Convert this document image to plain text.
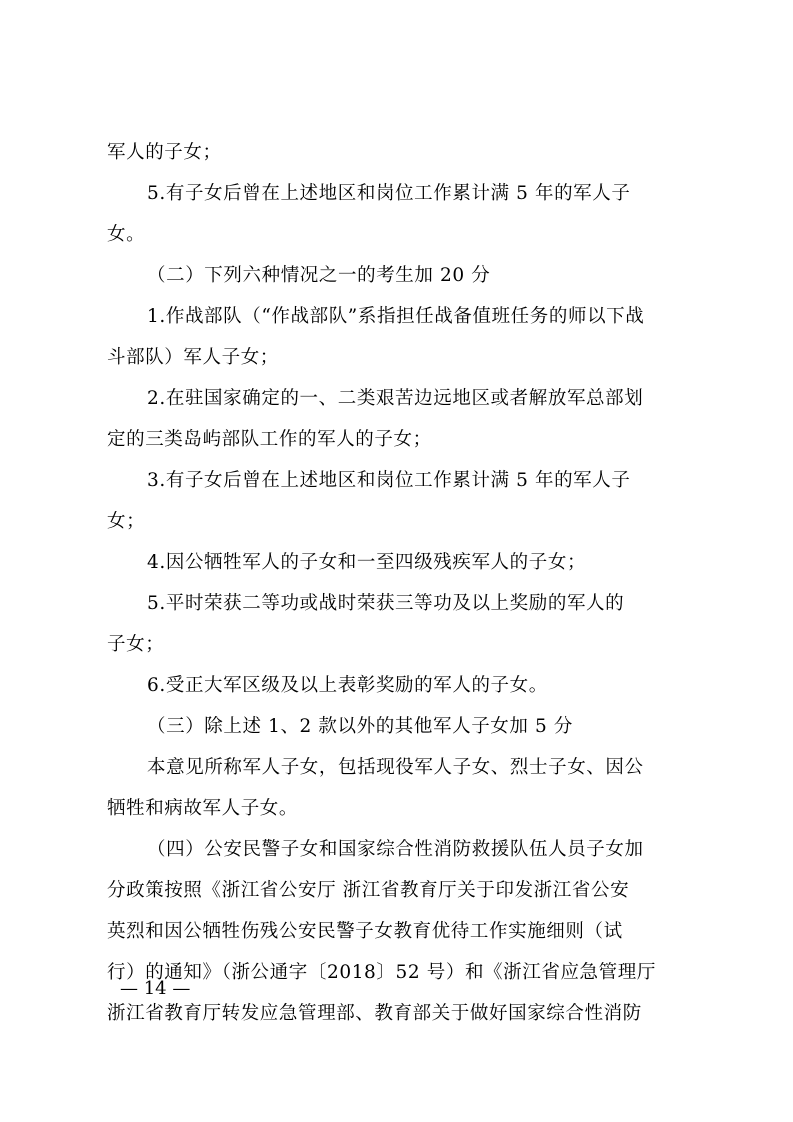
军人的子女；
5.有子女后曾在上述地区和岗位工作累计满 5 年的军人子
女。
（二）下列六种情况之一的考生加 20 分
1.作战部队（“作战部队”系指担任战备值班任务的师以下战
斗部队）军人子女；
2.在驻国家确定的一、二类艰苦边远地区或者解放军总部划
定的三类岛屿部队工作的军人的子女；
3.有子女后曾在上述地区和岗位工作累计满 5 年的军人子
女；
4.因公牺牲军人的子女和一至四级残疾军人的子女；
5.平时荣获二等功或战时荣获三等功及以上奖励的军人的
子女；
6.受正大军区级及以上表彰奖励的军人的子女。
（三）除上述 1、2 款以外的其他军人子女加 5 分
本意见所称军人子女，包括现役军人子女、烈士子女、因公
牺牲和病故军人子女。
（四）公安民警子女和国家综合性消防救援队伍人员子女加
分政策按照《浙江省公安厅 浙江省教育厅关于印发浙江省公安
英烈和因公牺牲伤残公安民警子女教育优待工作实施细则（试
行）的通知》（浙公通字〔2018〕52 号）和《浙江省应急管理厅
浙江省教育厅转发应急管理部、教育部关于做好国家综合性消防
— 14 —
